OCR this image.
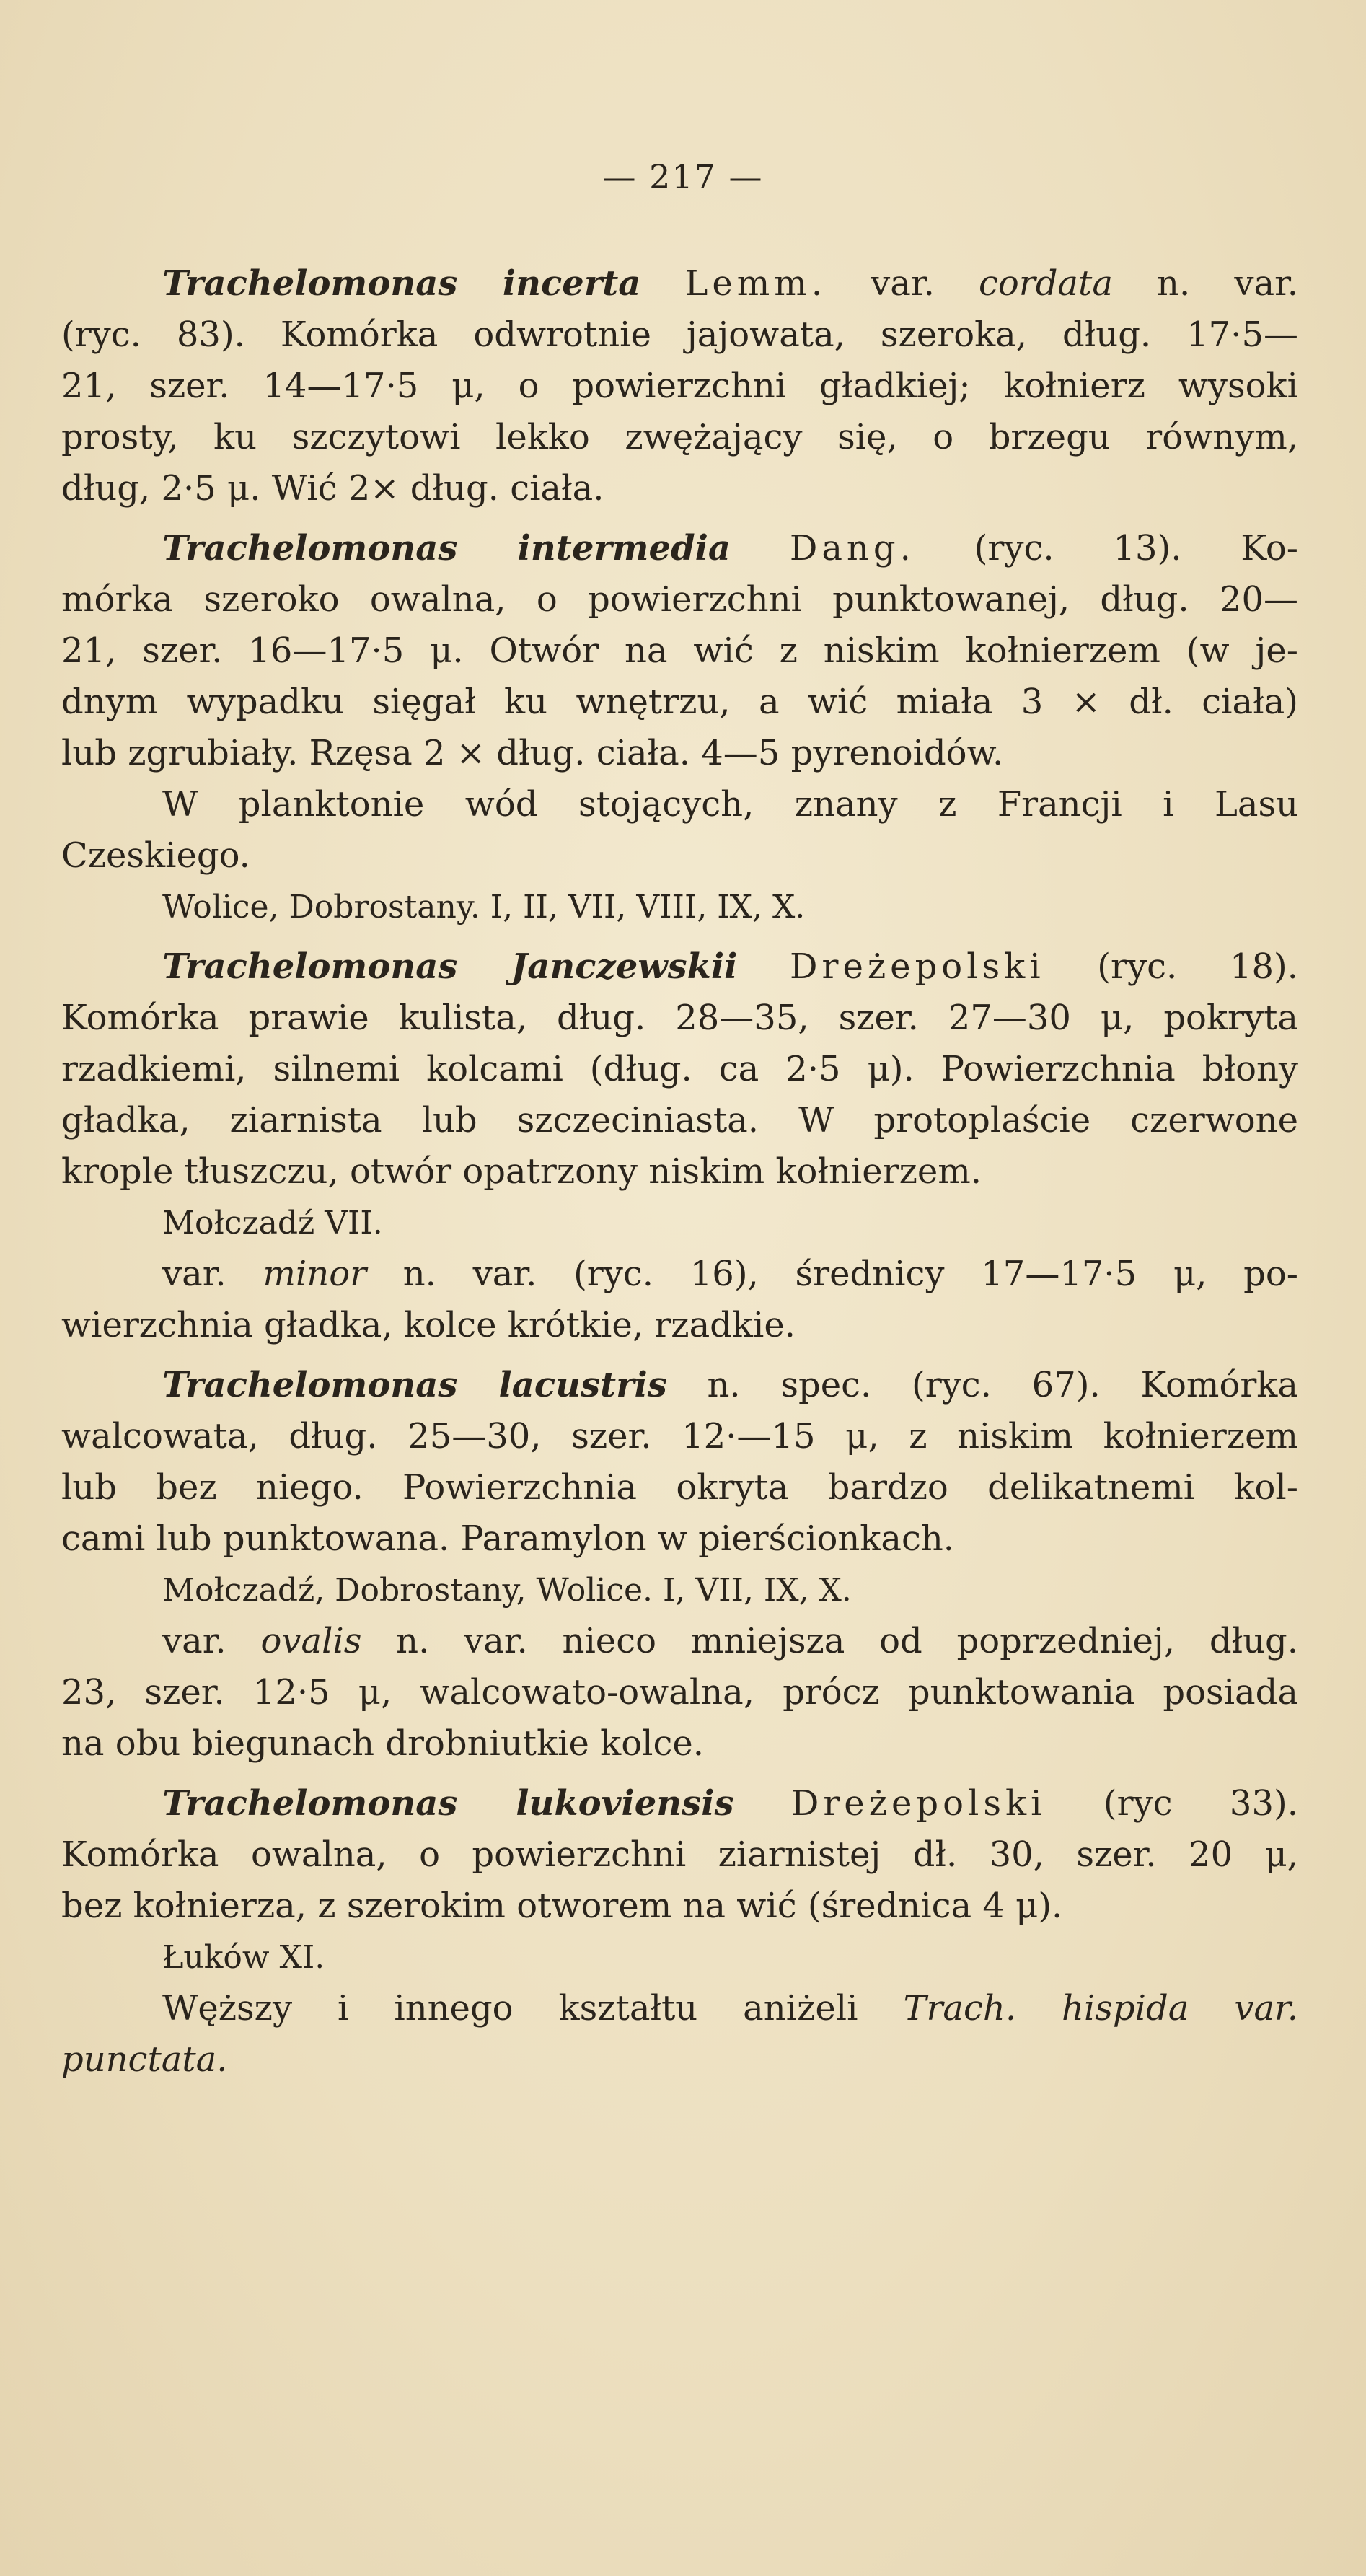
— 217 —
Trachelomonas incerta Lemm. var. cordata n. var.
(ryc. 83). Komórka odwrotnie jajowata, szeroka, dług. 17·5—
21, szer. 14—17·5 μ, o powierzchni gładkiej; kołnierz wysoki
prosty, ku szczytowi lekko zwężający się, o brzegu równym,
dług, 2·5 μ. Wić 2× dług. ciała.
Trachelomonas intermedia Dang. (ryc. 13). Ko-
mórka szeroko owalna, o powierzchni punktowanej, dług. 20—
21, szer. 16—17·5 μ. Otwór na wić z niskim kołnierzem (w je-
dnym wypadku sięgał ku wnętrzu, a wić miała 3 × dł. ciała)
lub zgrubiały. Rzęsa 2 × dług. ciała. 4—5 pyrenoidów.
W planktonie wód stojących, znany z Francji i Lasu
Czeskiego.
Wolice, Dobrostany. I, II, VII, VIII, IX, X.
Trachelomonas Janczewskii Dreżepolski (ryc. 18).
Komórka prawie kulista, dług. 28—35, szer. 27—30 μ, pokryta
rzadkiemi, silnemi kolcami (dług. ca 2·5 μ). Powierzchnia błony
gładka, ziarnista lub szczeciniasta. W protoplaście czerwone
krople tłuszczu, otwór opatrzony niskim kołnierzem.
Mołczadź VII.
var. minor n. var. (ryc. 16), średnicy 17—17·5 μ, po-
wierzchnia gładka, kolce krótkie, rzadkie.
Trachelomonas lacustris n. spec. (ryc. 67). Komórka
walcowata, dług. 25—30, szer. 12·—15 μ, z niskim kołnierzem
lub bez niego. Powierzchnia okryta bardzo delikatnemi kol-
cami lub punktowana. Paramylon w pierścionkach.
Mołczadź, Dobrostany, Wolice. I, VII, IX, X.
var. ovalis n. var. nieco mniejsza od poprzedniej, dług.
23, szer. 12·5 μ, walcowato-owalna, prócz punktowania posiada
na obu biegunach drobniutkie kolce.
Trachelomonas lukoviensis Dreżepolski (ryc 33).
Komórka owalna, o powierzchni ziarnistej dł. 30, szer. 20 μ,
bez kołnierza, z szerokim otworem na wić (średnica 4 μ).
Łuków XI.
Węższy i innego kształtu aniżeli Trach. hispida var.
punctata.
